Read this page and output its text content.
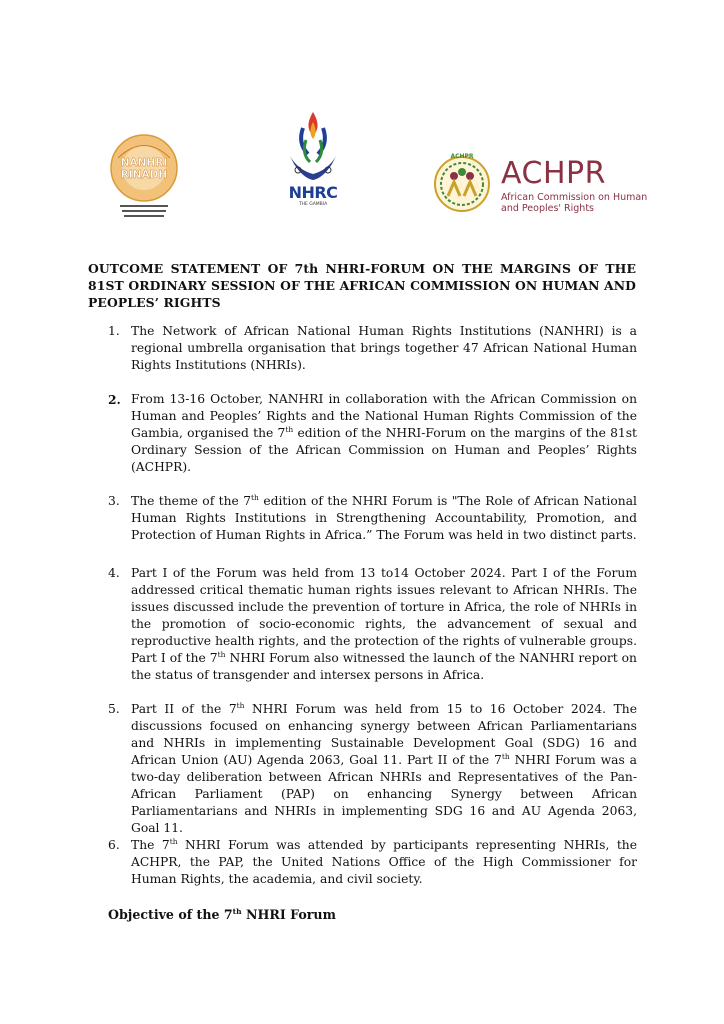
NANHRI
RINADH
NHRC
THE GAMBIA
ACHPR ACHPR
African Commission on Human and Peoples' Rights
OUTCOME STATEMENT OF 7th NHRI-FORUM ON THE MARGINS OF THE 81ST ORDINARY SESSION OF THE AFRICAN COMMISSION ON HUMAN AND PEOPLES’ RIGHTS
1. The Network of African National Human Rights Institutions (NANHRI) is a regional umbrella organisation that brings together 47 African National Human Rights Institutions (NHRIs).

2. From 13-16 October, NANHRI in collaboration with the African Commission on Human and Peoples’ Rights and the National Human Rights Commission of the Gambia, organised the 7th edition of the NHRI-Forum on the margins of the 81st Ordinary Session of the African Commission on Human and Peoples’ Rights (ACHPR).

3. The theme of the 7th edition of the NHRI Forum is "The Role of African National Human Rights Institutions in Strengthening Accountability, Promotion, and Protection of Human Rights in Africa.” The Forum was held in two distinct parts.

4. Part I of the Forum was held from 13 to14 October 2024. Part I of the Forum addressed critical thematic human rights issues relevant to African NHRIs. The issues discussed include the prevention of torture in Africa, the role of NHRIs in the promotion of socio-economic rights, the advancement of sexual and reproductive health rights, and the protection of the rights of vulnerable groups. Part I of the 7th NHRI Forum also witnessed the launch of the NANHRI report on the status of transgender and intersex persons in Africa.

5. Part II of the 7th NHRI Forum was held from 15 to 16 October 2024. The discussions focused on enhancing synergy between African Parliamentarians and NHRIs in implementing Sustainable Development Goal (SDG) 16 and African Union (AU) Agenda 2063, Goal 11. Part II of the 7th NHRI Forum was a two-day deliberation between African NHRIs and Representatives of the Pan-African Parliament (PAP) on enhancing Synergy between African Parliamentarians and NHRIs in implementing SDG 16 and AU Agenda 2063, Goal 11.

6. The 7th NHRI Forum was attended by participants representing NHRIs, the ACHPR, the PAP, the United Nations Office of the High Commissioner for Human Rights, the academia, and civil society.

Objective of the 7th NHRI Forum
